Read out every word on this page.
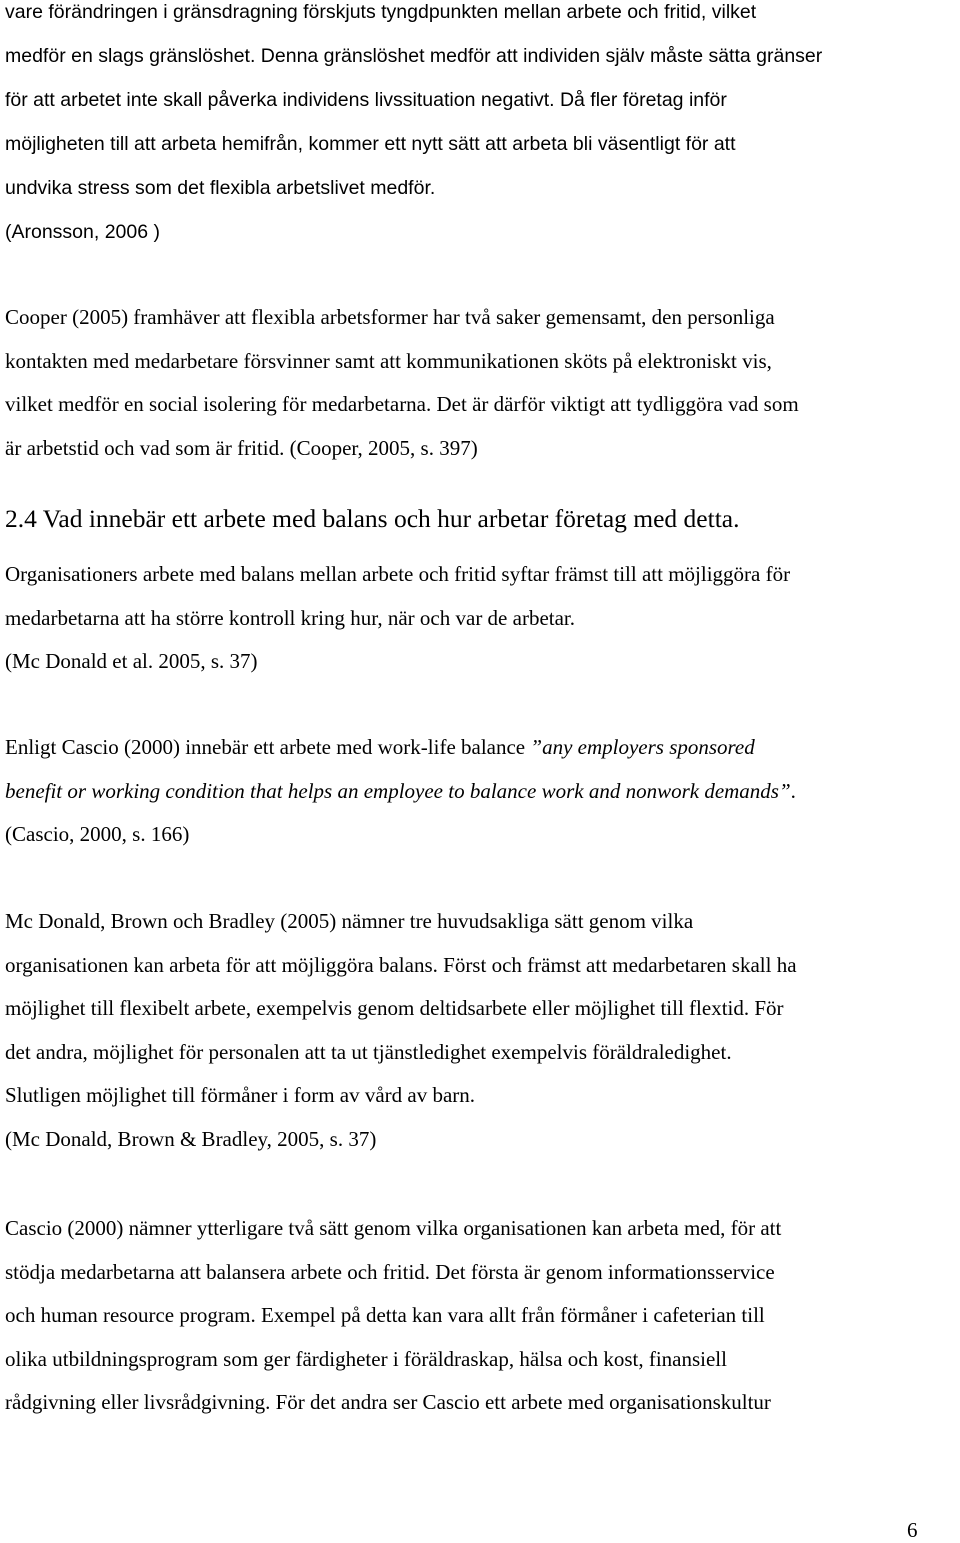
vare förändringen i gränsdragning förskjuts tyngdpunkten mellan arbete och fritid, vilket
medför en slags gränslöshet. Denna gränslöshet medför att individen själv måste sätta gränser
för att arbetet inte skall påverka individens livssituation negativt. Då fler företag inför
möjligheten till att arbeta hemifrån, kommer ett nytt sätt att arbeta bli väsentligt för att
undvika stress som det flexibla arbetslivet medför.
(Aronsson, 2006 )

Cooper (2005) framhäver att flexibla arbetsformer har två saker gemensamt, den personliga
kontakten med medarbetare försvinner samt att kommunikationen sköts på elektroniskt vis,
vilket medför en social isolering för medarbetarna. Det är därför viktigt att tydliggöra vad som
är arbetstid och vad som är fritid. (Cooper, 2005, s. 397)

2.4 Vad innebär ett arbete med balans och hur arbetar företag med detta.

Organisationers arbete med balans mellan arbete och fritid syftar främst till att möjliggöra för
medarbetarna att ha större kontroll kring hur, när och var de arbetar.
(Mc Donald et al. 2005, s. 37)

Enligt Cascio (2000) innebär ett arbete med work-life balance ”any employers sponsored
benefit or working condition that helps an employee to balance work and nonwork demands”.
(Cascio, 2000, s. 166)

Mc Donald, Brown och Bradley (2005) nämner tre huvudsakliga sätt genom vilka
organisationen kan arbeta för att möjliggöra balans. Först och främst att medarbetaren skall ha
möjlighet till flexibelt arbete, exempelvis genom deltidsarbete eller möjlighet till flextid. För
det andra, möjlighet för personalen att ta ut tjänstledighet exempelvis föräldraledighet.
Slutligen möjlighet till förmåner i form av vård av barn.
(Mc Donald, Brown & Bradley, 2005, s. 37)

Cascio (2000) nämner ytterligare två sätt genom vilka organisationen kan arbeta med, för att
stödja medarbetarna att balansera arbete och fritid. Det första är genom informationsservice
och human resource program. Exempel på detta kan vara allt från förmåner i cafeterian till
olika utbildningsprogram som ger färdigheter i föräldraskap, hälsa och kost, finansiell
rådgivning eller livsrådgivning. För det andra ser Cascio ett arbete med organisationskultur

6
